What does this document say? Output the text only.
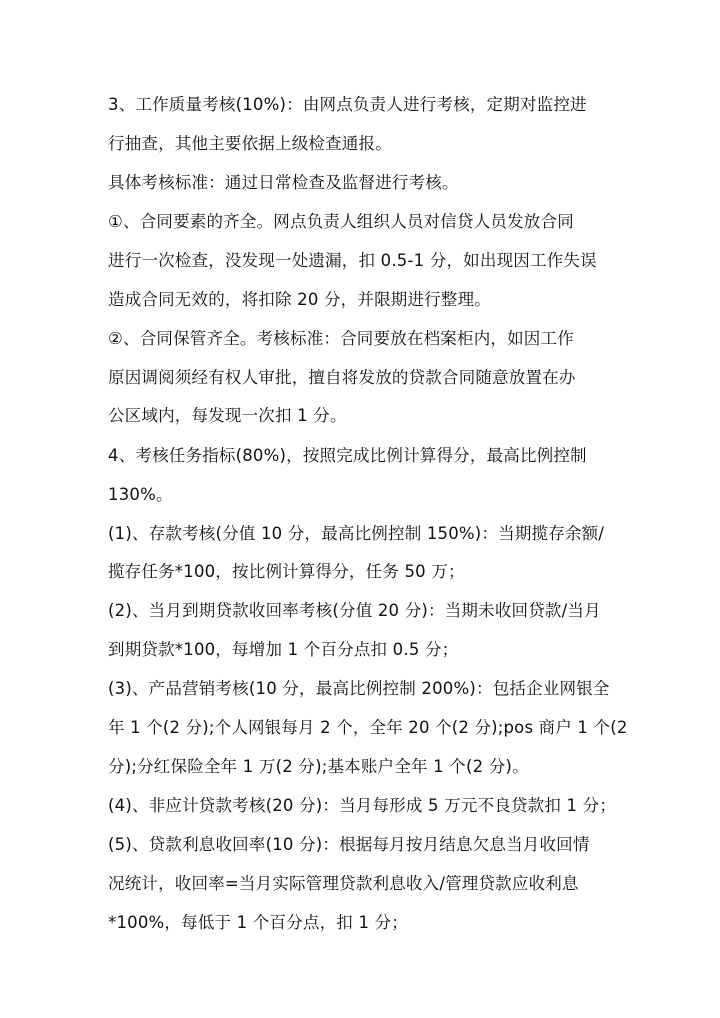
3、工作质量考核(10%)：由网点负责人进行考核，定期对监控进
行抽查，其他主要依据上级检查通报。
具体考核标准：通过日常检查及监督进行考核。
①、合同要素的齐全。网点负责人组织人员对信贷人员发放合同
进行一次检查，没发现一处遗漏，扣 0.5-1 分，如出现因工作失误
造成合同无效的，将扣除 20 分，并限期进行整理。
②、合同保管齐全。考核标准：合同要放在档案柜内，如因工作
原因调阅须经有权人审批，擅自将发放的贷款合同随意放置在办
公区域内，每发现一次扣 1 分。
4、考核任务指标(80%)，按照完成比例计算得分，最高比例控制
130%。
(1)、存款考核(分值 10 分，最高比例控制 150%)：当期揽存余额/
揽存任务*100，按比例计算得分，任务 50 万；
(2)、当月到期贷款收回率考核(分值 20 分)：当期未收回贷款/当月
到期贷款*100，每增加 1 个百分点扣 0.5 分；
(3)、产品营销考核(10 分，最高比例控制 200%)：包括企业网银全
年 1 个(2 分);个人网银每月 2 个，全年 20 个(2 分);pos 商户 1 个(2
分);分红保险全年 1 万(2 分);基本账户全年 1 个(2 分)。
(4)、非应计贷款考核(20 分)：当月每形成 5 万元不良贷款扣 1 分；
(5)、贷款利息收回率(10 分)：根据每月按月结息欠息当月收回情
况统计，收回率=当月实际管理贷款利息收入/管理贷款应收利息
*100%，每低于 1 个百分点，扣 1 分；
